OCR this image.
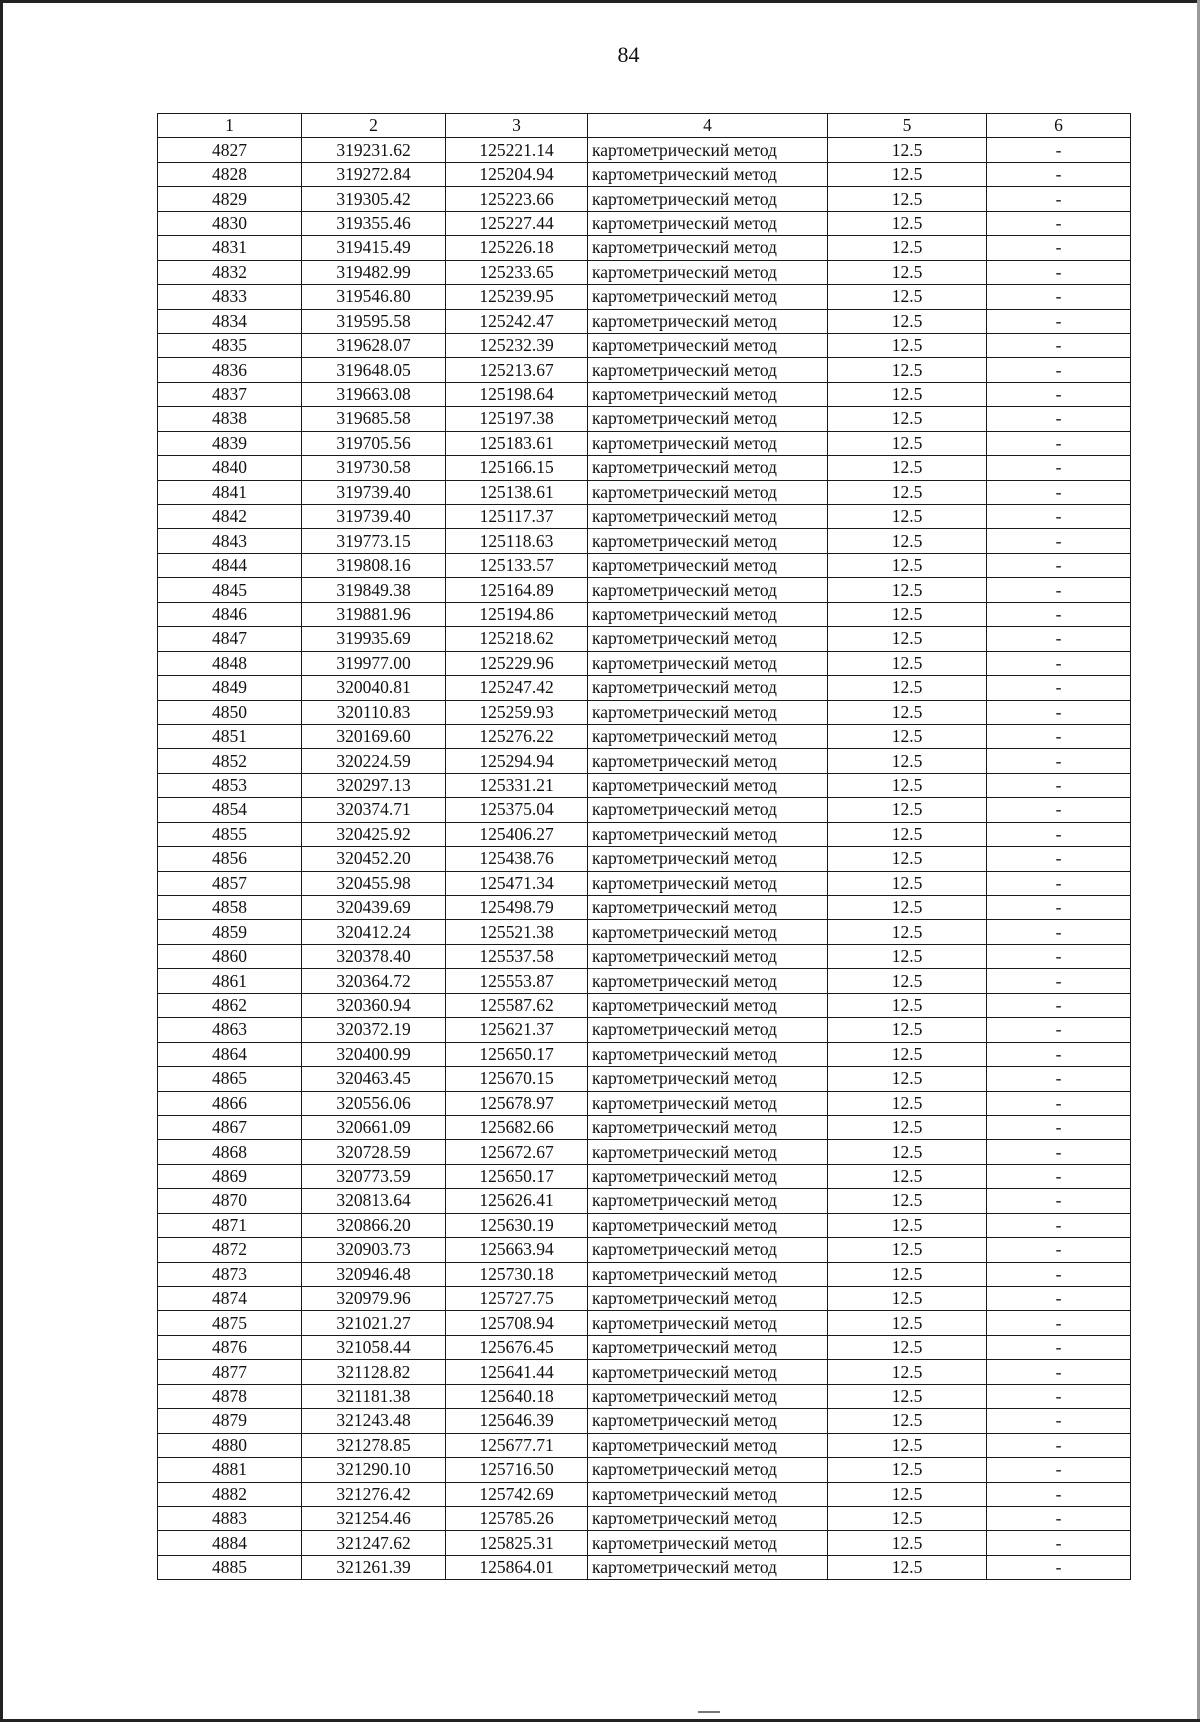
84
1	2	3	4	5	6
4827	319231.62	125221.14	картометрический метод	12.5	-
4828	319272.84	125204.94	картометрический метод	12.5	-
4829	319305.42	125223.66	картометрический метод	12.5	-
4830	319355.46	125227.44	картометрический метод	12.5	-
4831	319415.49	125226.18	картометрический метод	12.5	-
4832	319482.99	125233.65	картометрический метод	12.5	-
4833	319546.80	125239.95	картометрический метод	12.5	-
4834	319595.58	125242.47	картометрический метод	12.5	-
4835	319628.07	125232.39	картометрический метод	12.5	-
4836	319648.05	125213.67	картометрический метод	12.5	-
4837	319663.08	125198.64	картометрический метод	12.5	-
4838	319685.58	125197.38	картометрический метод	12.5	-
4839	319705.56	125183.61	картометрический метод	12.5	-
4840	319730.58	125166.15	картометрический метод	12.5	-
4841	319739.40	125138.61	картометрический метод	12.5	-
4842	319739.40	125117.37	картометрический метод	12.5	-
4843	319773.15	125118.63	картометрический метод	12.5	-
4844	319808.16	125133.57	картометрический метод	12.5	-
4845	319849.38	125164.89	картометрический метод	12.5	-
4846	319881.96	125194.86	картометрический метод	12.5	-
4847	319935.69	125218.62	картометрический метод	12.5	-
4848	319977.00	125229.96	картометрический метод	12.5	-
4849	320040.81	125247.42	картометрический метод	12.5	-
4850	320110.83	125259.93	картометрический метод	12.5	-
4851	320169.60	125276.22	картометрический метод	12.5	-
4852	320224.59	125294.94	картометрический метод	12.5	-
4853	320297.13	125331.21	картометрический метод	12.5	-
4854	320374.71	125375.04	картометрический метод	12.5	-
4855	320425.92	125406.27	картометрический метод	12.5	-
4856	320452.20	125438.76	картометрический метод	12.5	-
4857	320455.98	125471.34	картометрический метод	12.5	-
4858	320439.69	125498.79	картометрический метод	12.5	-
4859	320412.24	125521.38	картометрический метод	12.5	-
4860	320378.40	125537.58	картометрический метод	12.5	-
4861	320364.72	125553.87	картометрический метод	12.5	-
4862	320360.94	125587.62	картометрический метод	12.5	-
4863	320372.19	125621.37	картометрический метод	12.5	-
4864	320400.99	125650.17	картометрический метод	12.5	-
4865	320463.45	125670.15	картометрический метод	12.5	-
4866	320556.06	125678.97	картометрический метод	12.5	-
4867	320661.09	125682.66	картометрический метод	12.5	-
4868	320728.59	125672.67	картометрический метод	12.5	-
4869	320773.59	125650.17	картометрический метод	12.5	-
4870	320813.64	125626.41	картометрический метод	12.5	-
4871	320866.20	125630.19	картометрический метод	12.5	-
4872	320903.73	125663.94	картометрический метод	12.5	-
4873	320946.48	125730.18	картометрический метод	12.5	-
4874	320979.96	125727.75	картометрический метод	12.5	-
4875	321021.27	125708.94	картометрический метод	12.5	-
4876	321058.44	125676.45	картометрический метод	12.5	-
4877	321128.82	125641.44	картометрический метод	12.5	-
4878	321181.38	125640.18	картометрический метод	12.5	-
4879	321243.48	125646.39	картометрический метод	12.5	-
4880	321278.85	125677.71	картометрический метод	12.5	-
4881	321290.10	125716.50	картометрический метод	12.5	-
4882	321276.42	125742.69	картометрический метод	12.5	-
4883	321254.46	125785.26	картометрический метод	12.5	-
4884	321247.62	125825.31	картометрический метод	12.5	-
4885	321261.39	125864.01	картометрический метод	12.5	-
